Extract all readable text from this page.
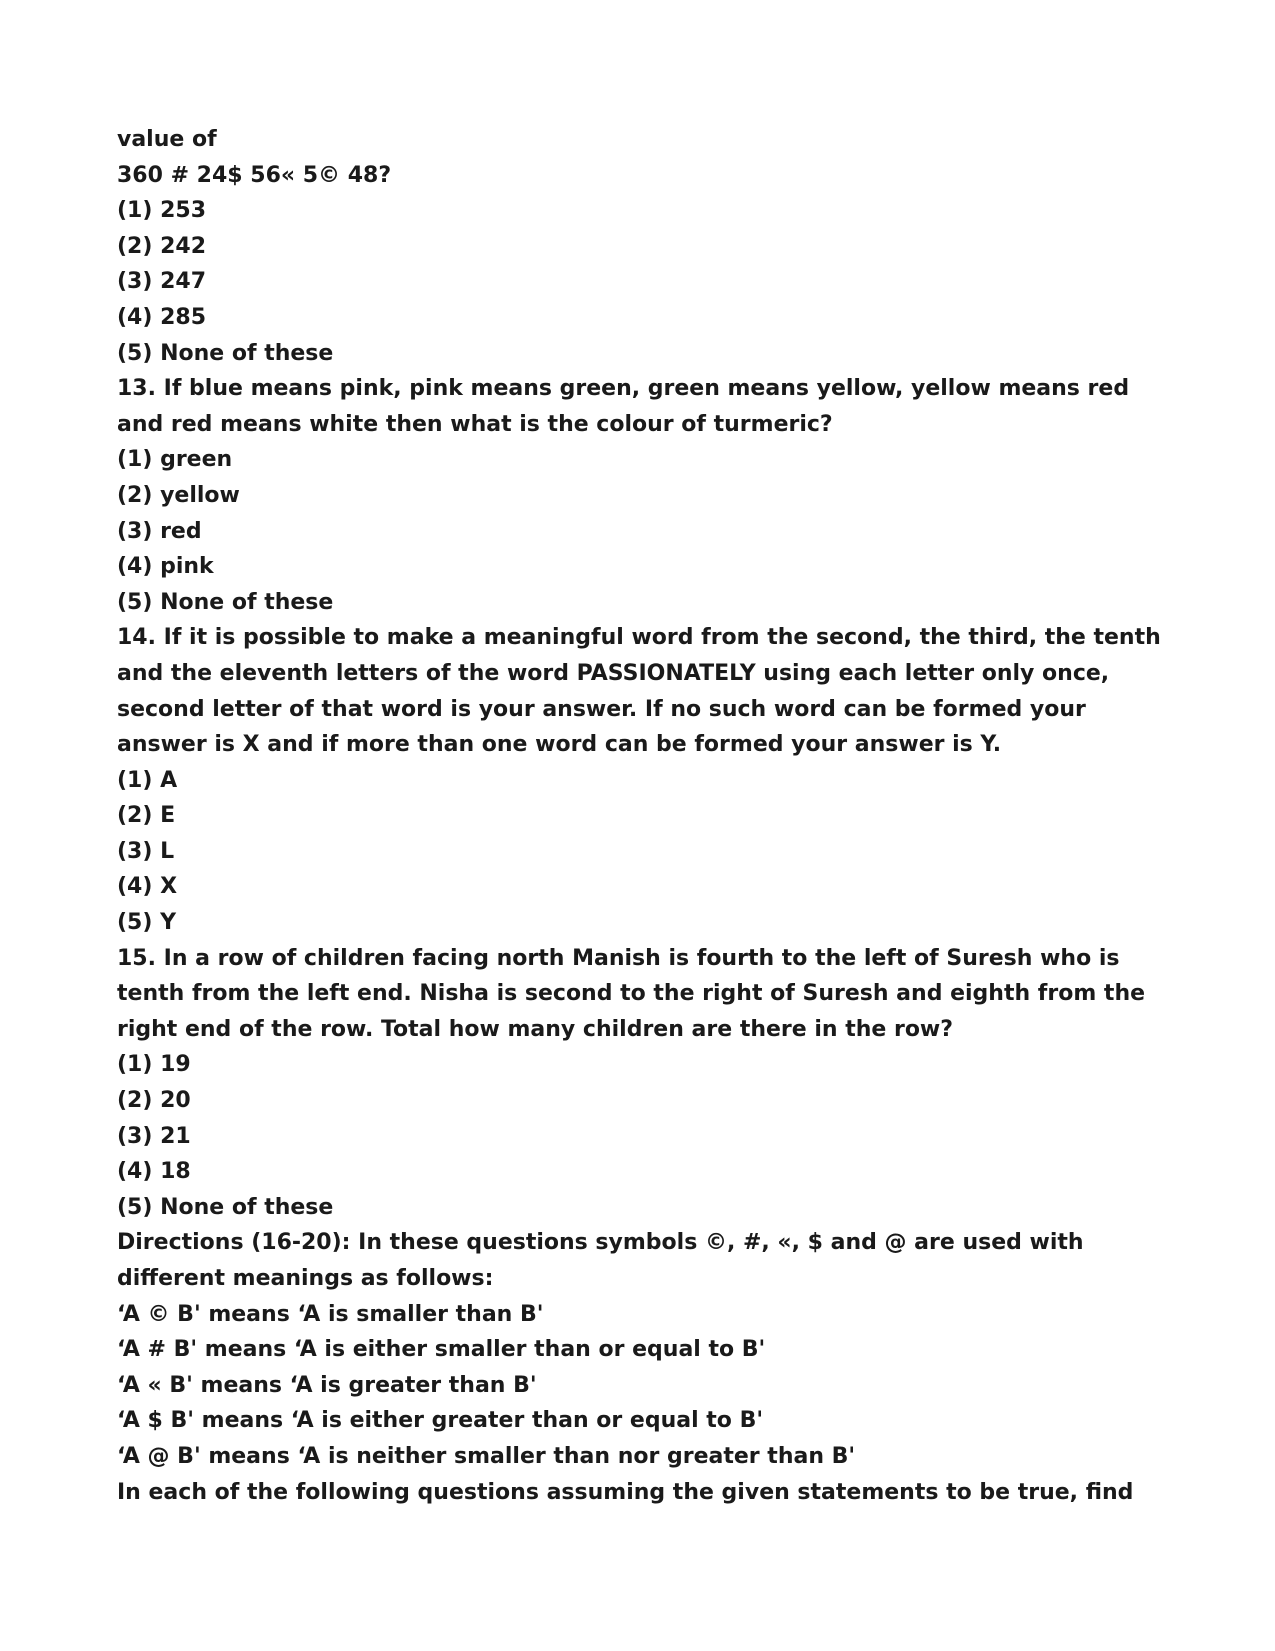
value of

360 # 24$ 56« 5© 48?

(1) 253

(2) 242

(3) 247

(4) 285

(5) None of these

13. If blue means pink, pink means green, green means yellow, yellow means red

and red means white then what is the colour of turmeric?

(1) green

(2) yellow

(3) red

(4) pink

(5) None of these

14. If it is possible to make a meaningful word from the second, the third, the tenth

and the eleventh letters of the word PASSIONATELY using each letter only once,

second letter of that word is your answer. If no such word can be formed your

answer is X and if more than one word can be formed your answer is Y.

(1) A

(2) E

(3) L

(4) X

(5) Y

15. In a row of children facing north Manish is fourth to the left of Suresh who is

tenth from the left end. Nisha is second to the right of Suresh and eighth from the

right end of the row. Total how many children are there in the row?

(1) 19

(2) 20

(3) 21

(4) 18

(5) None of these

Directions (16-20): In these questions symbols ©, #, «, $ and @ are used with

different meanings as follows:

‘A © B' means ‘A is smaller than B'

‘A # B' means ‘A is either smaller than or equal to B'

‘A « B' means ‘A is greater than B'

‘A $ B' means ‘A is either greater than or equal to B'

‘A @ B' means ‘A is neither smaller than nor greater than B'

In each of the following questions assuming the given statements to be true, find
